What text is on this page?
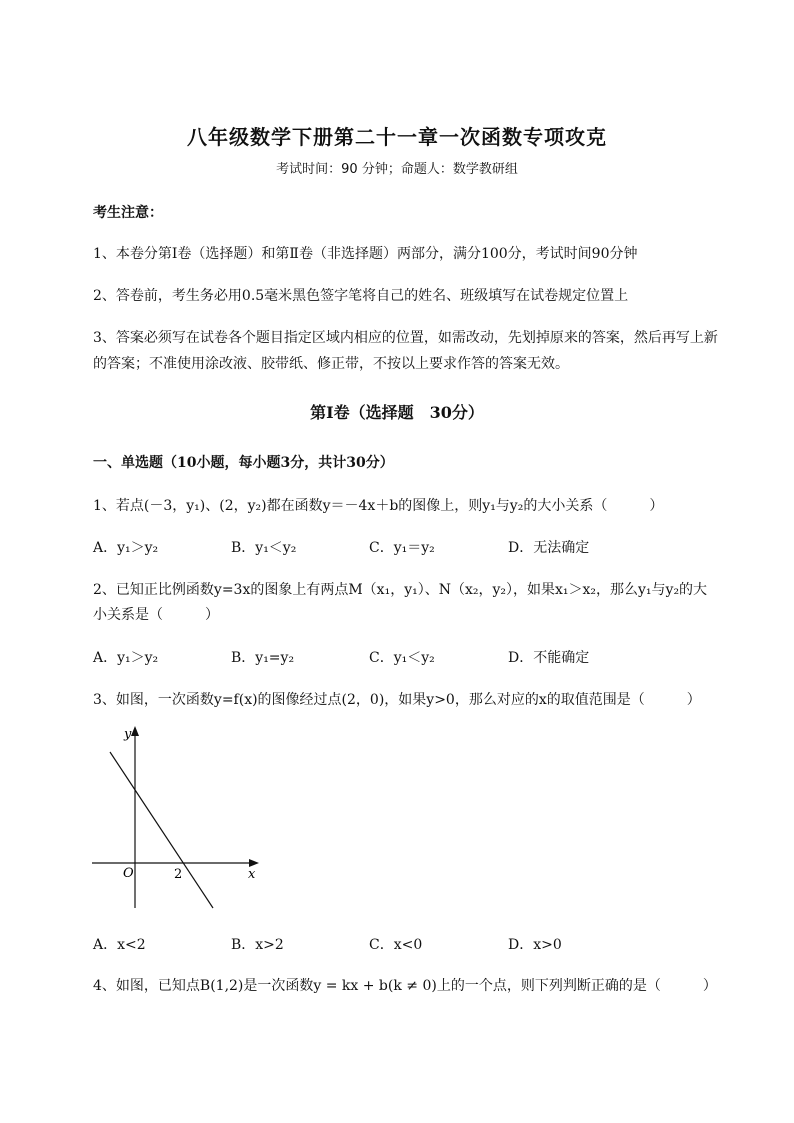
八年级数学下册第二十一章一次函数专项攻克
考试时间：90 分钟；命题人：数学教研组
考生注意：
1、本卷分第I卷（选择题）和第Ⅱ卷（非选择题）两部分，满分100分，考试时间90分钟
2、答卷前，考生务必用0.5毫米黑色签字笔将自己的姓名、班级填写在试卷规定位置上
3、答案必须写在试卷各个题目指定区域内相应的位置，如需改动，先划掉原来的答案，然后再写上新
的答案；不准使用涂改液、胶带纸、修正带，不按以上要求作答的答案无效。
第I卷（选择题　30分）
一、单选题（10小题，每小题3分，共计30分）
1、若点(－3，y₁)、(2，y₂)都在函数y＝－4x＋b的图像上，则y₁与y₂的大小关系（　　　）
A．y₁＞y₂	B．y₁＜y₂	C．y₁＝y₂	D．无法确定
2、已知正比例函数y=3x的图象上有两点M（x₁，y₁）、N（x₂，y₂），如果x₁＞x₂，那么y₁与y₂的大
小关系是（　　　）
A．y₁＞y₂	B．y₁=y₂	C．y₁＜y₂	D．不能确定
3、如图，一次函数y=f(x)的图像经过点(2，0)，如果y>0，那么对应的x的取值范围是（　　　）
y
x
O	2
A．x<2	B．x>2	C．x<0	D．x>0
4、如图，已知点B(1,2)是一次函数y = kx + b(k ≠ 0)上的一个点，则下列判断正确的是（　　　）
